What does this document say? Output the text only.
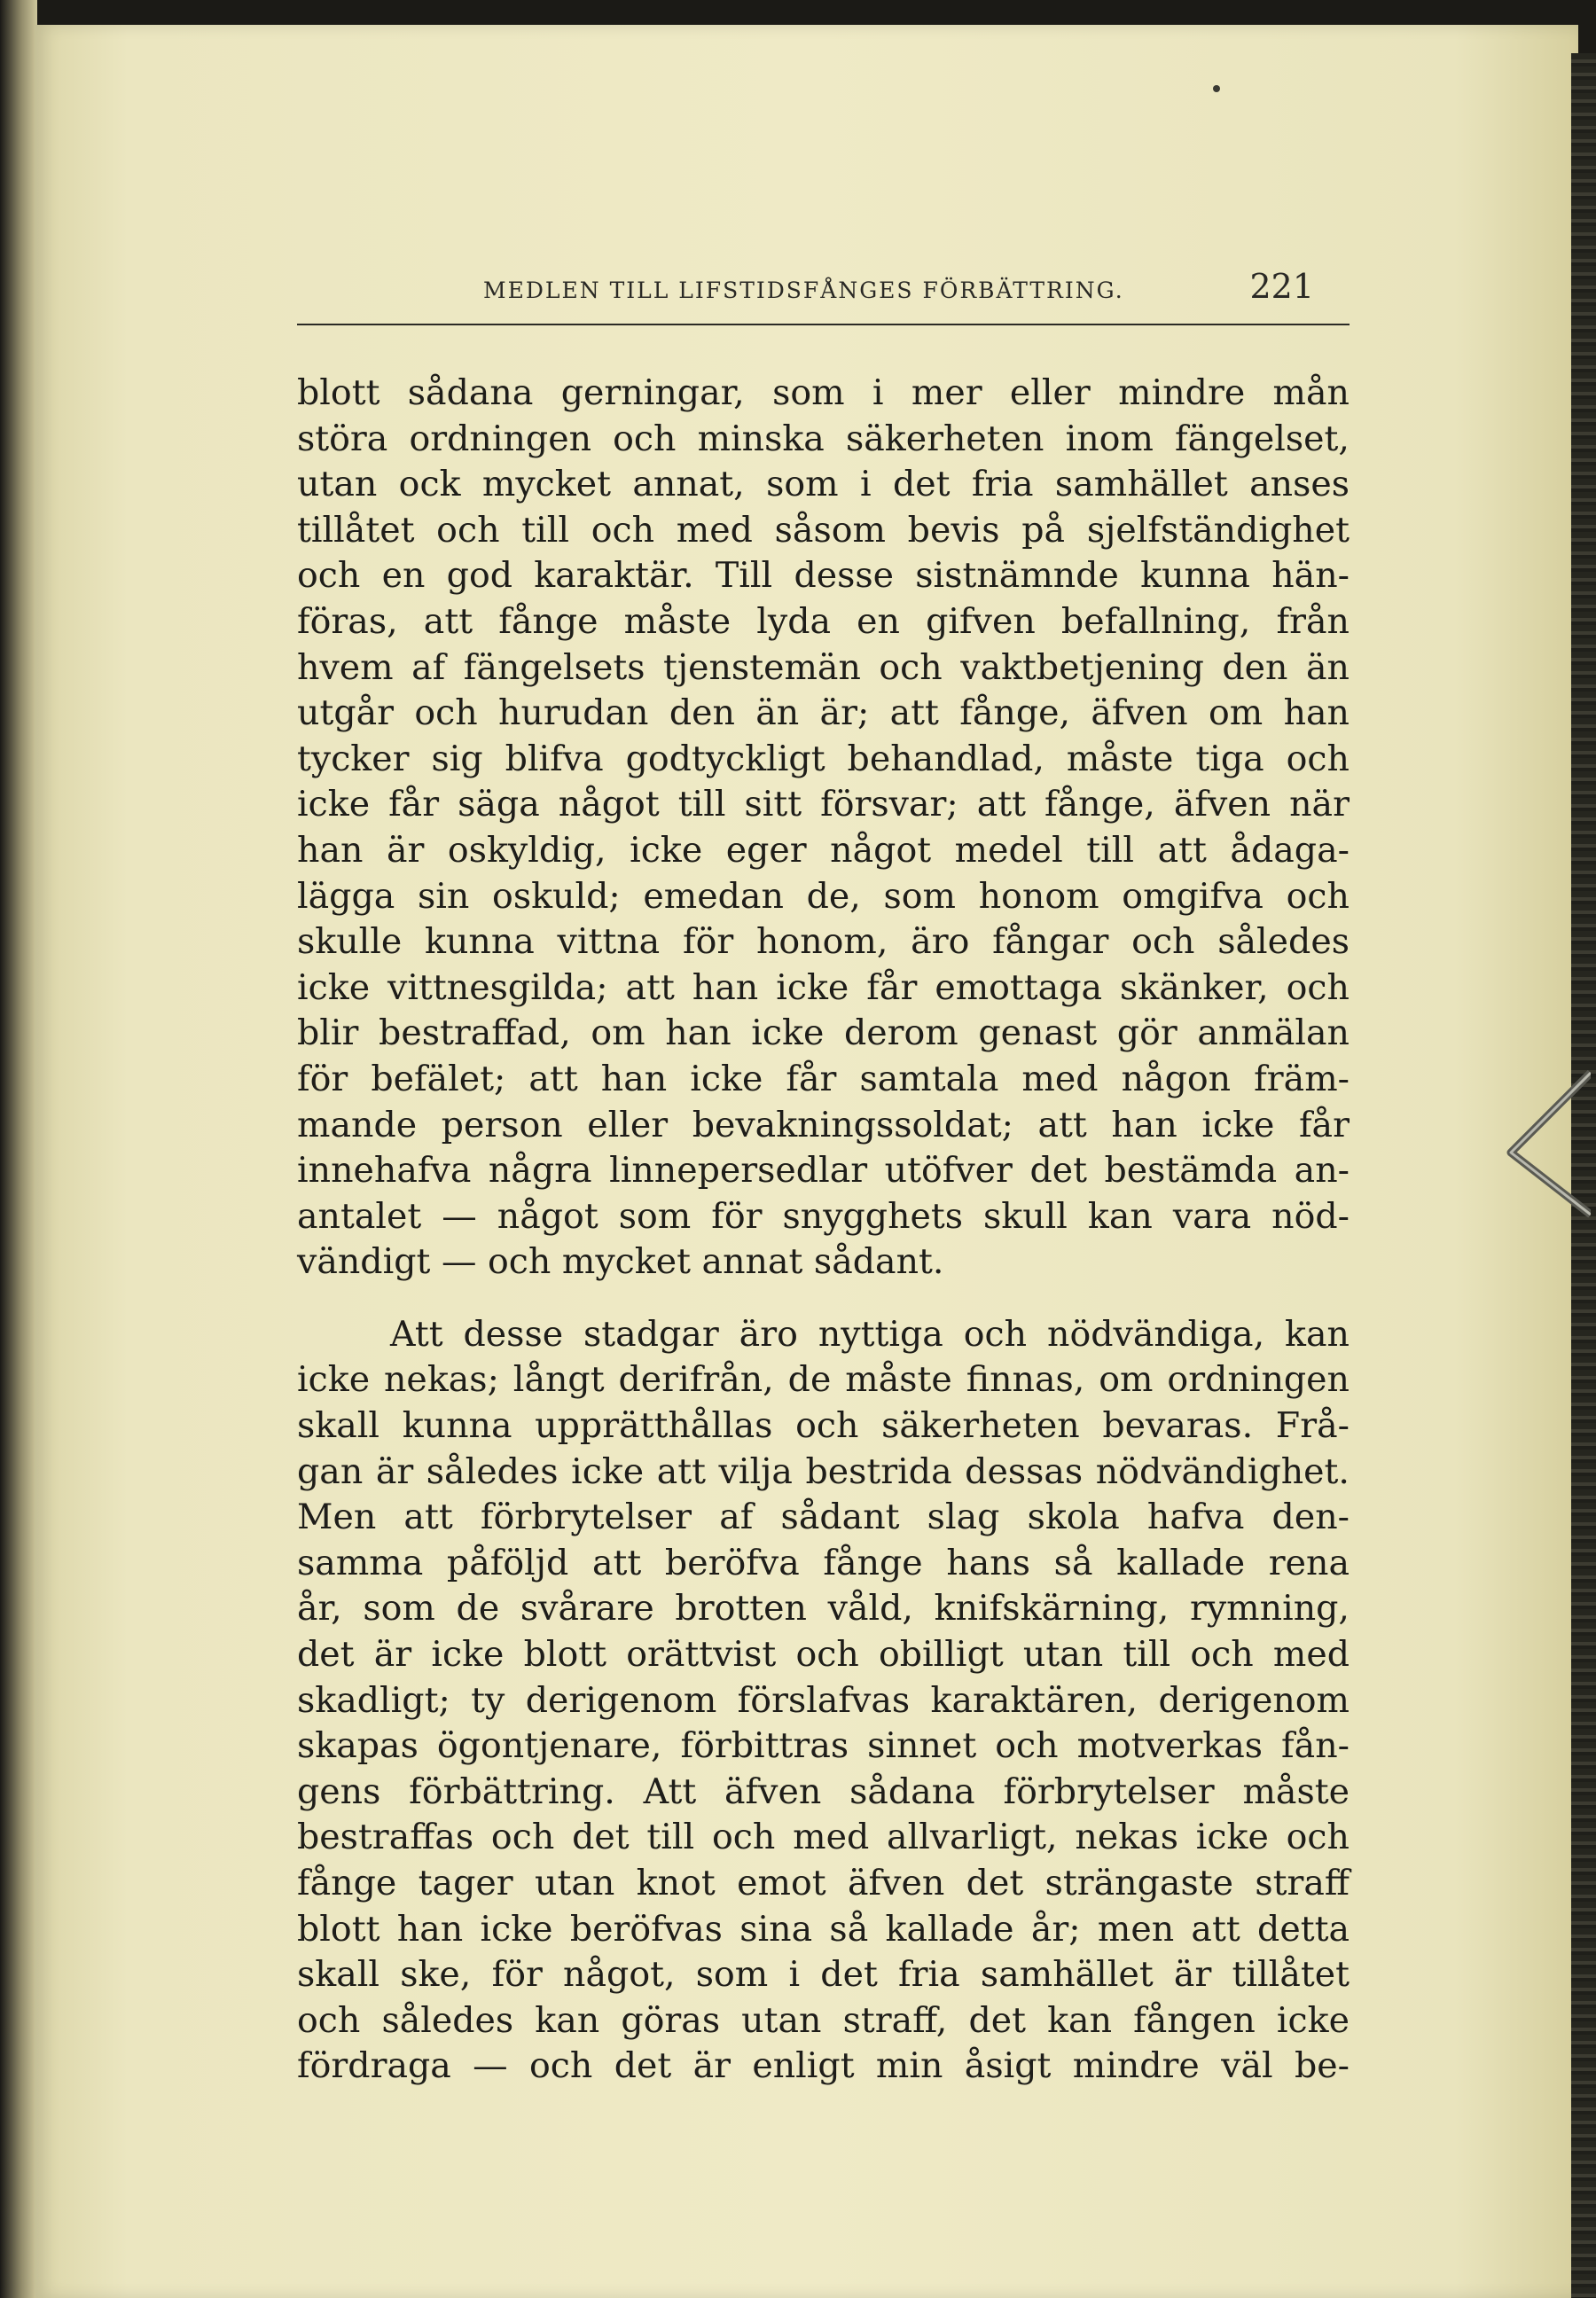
MEDLEN TILL LIFSTIDSFÅNGES FÖRBÄTTRING.	221
blott sådana gerningar, som i mer eller mindre mån
störa ordningen och minska säkerheten inom fängelset,
utan ock mycket annat, som i det fria samhället anses
tillåtet och till och med såsom bevis på sjelfständighet
och en god karaktär. Till desse sistnämnde kunna hän-
föras, att fånge måste lyda en gifven befallning, från
hvem af fängelsets tjenstemän och vaktbetjening den än
utgår och hurudan den än är; att fånge, äfven om han
tycker sig blifva godtyckligt behandlad, måste tiga och
icke får säga något till sitt försvar; att fånge, äfven när
han är oskyldig, icke eger något medel till att ådaga-
lägga sin oskuld; emedan de, som honom omgifva och
skulle kunna vittna för honom, äro fångar och således
icke vittnesgilda; att han icke får emottaga skänker, och
blir bestraffad, om han icke derom genast gör anmälan
för befälet; att han icke får samtala med någon främ-
mande person eller bevakningssoldat; att han icke får
innehafva några linnepersedlar utöfver det bestämda an-
antalet — något som för snygghets skull kan vara nöd-
vändigt — och mycket annat sådant.
Att desse stadgar äro nyttiga och nödvändiga, kan
icke nekas; långt derifrån, de måste finnas, om ordningen
skall kunna upprätthållas och säkerheten bevaras. Frå-
gan är således icke att vilja bestrida dessas nödvändighet.
Men att förbrytelser af sådant slag skola hafva den-
samma påföljd att beröfva fånge hans så kallade rena
år, som de svårare brotten våld, knifskärning, rymning,
det är icke blott orättvist och obilligt utan till och med
skadligt; ty derigenom förslafvas karaktären, derigenom
skapas ögontjenare, förbittras sinnet och motverkas fån-
gens förbättring. Att äfven sådana förbrytelser måste
bestraffas och det till och med allvarligt, nekas icke och
fånge tager utan knot emot äfven det strängaste straff
blott han icke beröfvas sina så kallade år; men att detta
skall ske, för något, som i det fria samhället är tillåtet
och således kan göras utan straff, det kan fången icke
fördraga — och det är enligt min åsigt mindre väl be-
